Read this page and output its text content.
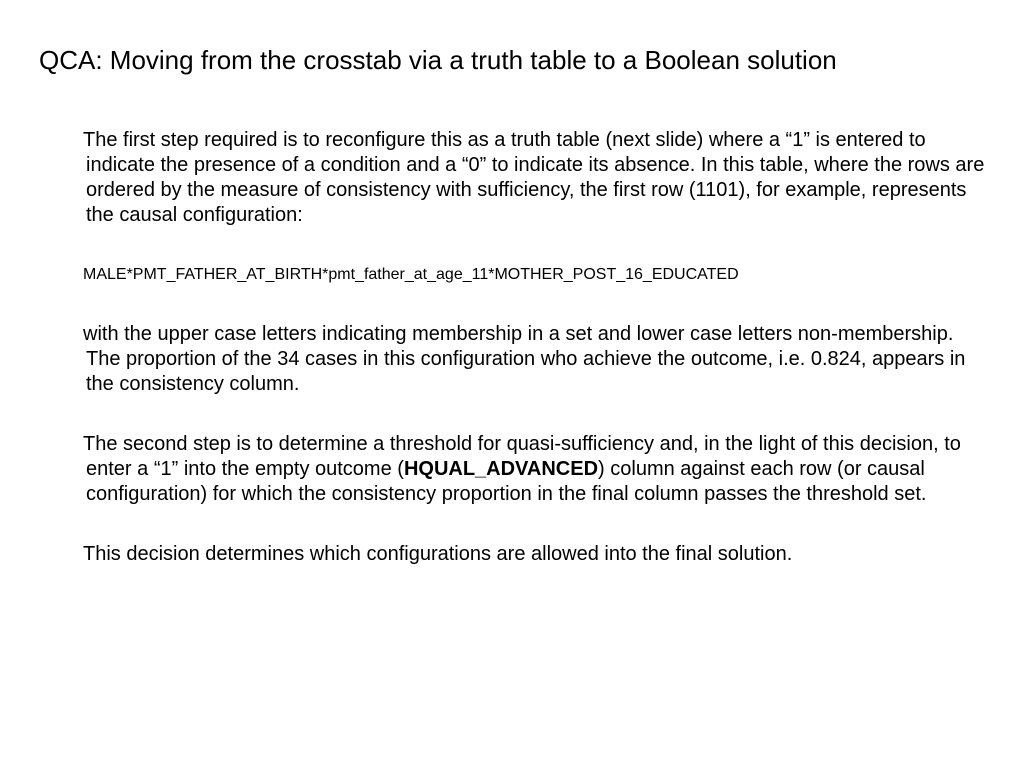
QCA: Moving from the crosstab via a truth table to a Boolean solution

The first step required is to reconfigure this as a truth table (next slide) where a “1” is entered to indicate the presence of a condition and a “0” to indicate its absence. In this table, where the rows are ordered by the measure of consistency with sufficiency, the first row (1101), for example, represents the causal configuration:

MALE*PMT_FATHER_AT_BIRTH*pmt_father_at_age_11*MOTHER_POST_16_EDUCATED

with the upper case letters indicating membership in a set and lower case letters non-membership. The proportion of the 34 cases in this configuration who achieve the outcome, i.e. 0.824, appears in the consistency column.

The second step is to determine a threshold for quasi-sufficiency and, in the light of this decision, to enter a “1” into the empty outcome (HQUAL_ADVANCED) column against each row (or causal configuration) for which the consistency proportion in the final column passes the threshold set.

This decision determines which configurations are allowed into the final solution.
